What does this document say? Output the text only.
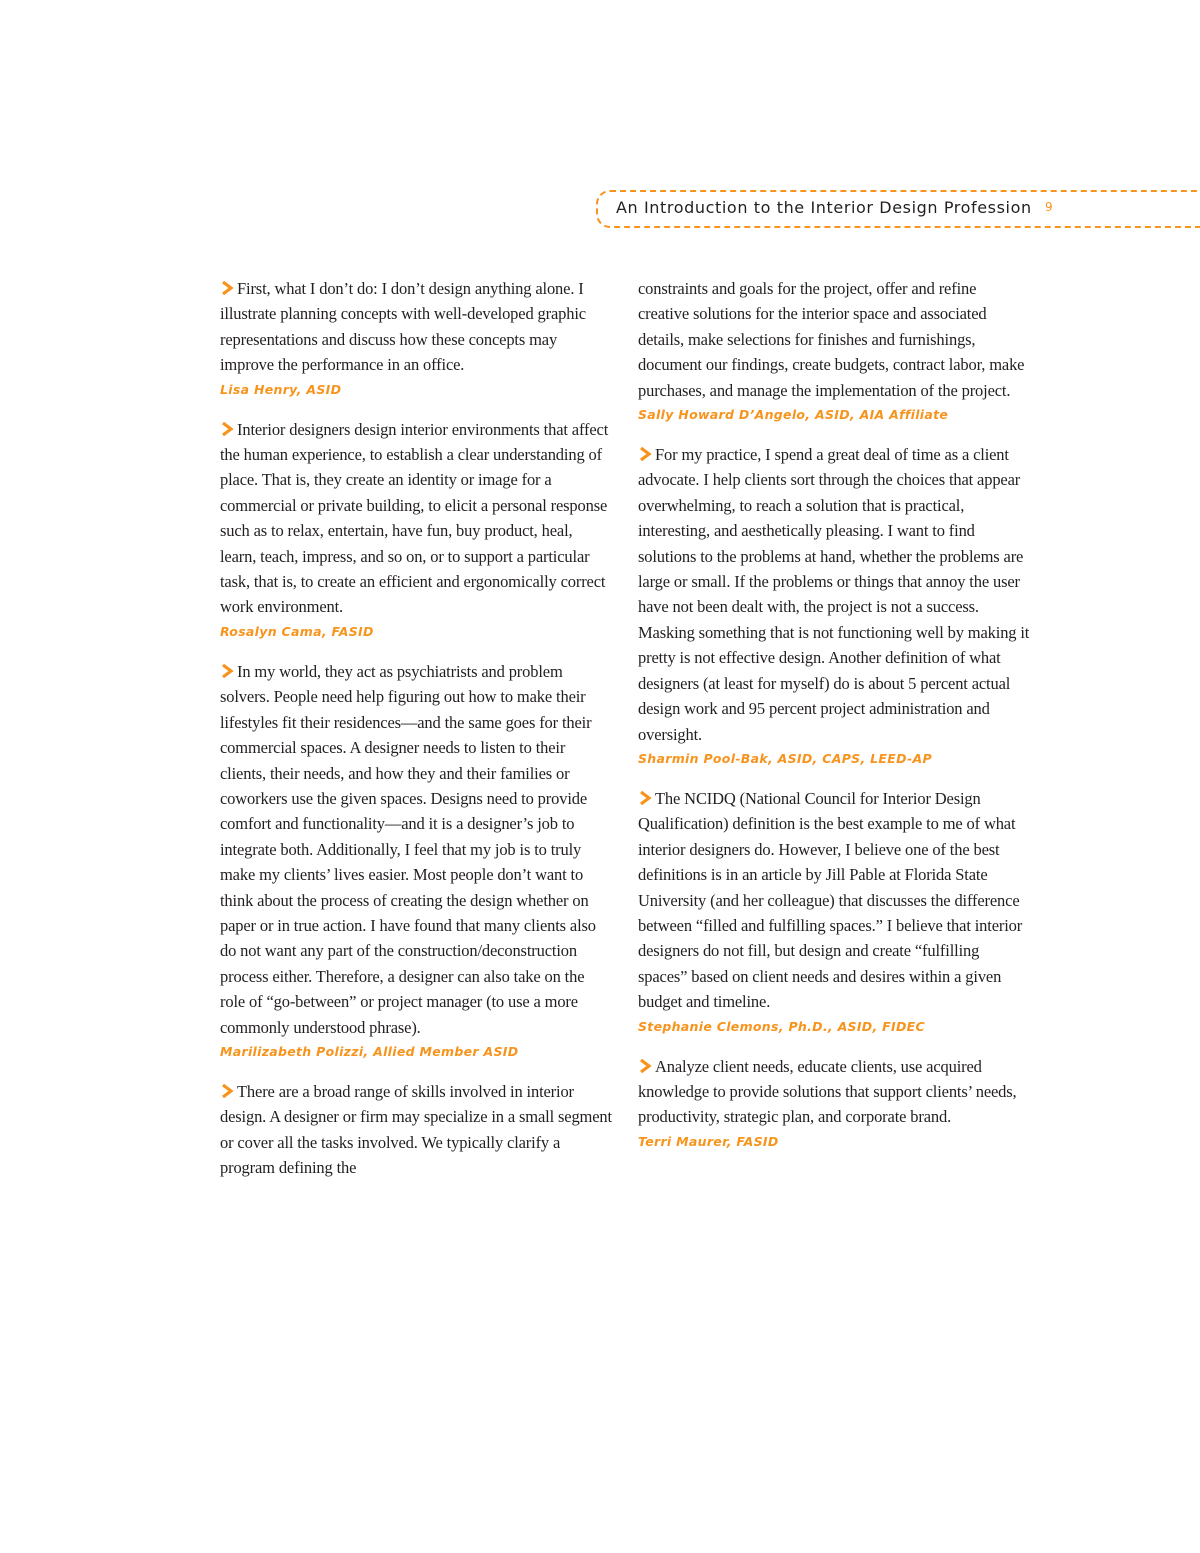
An Introduction to the Interior Design Profession 9

First, what I don’t do: I don’t design anything alone. I illustrate planning concepts with well-developed graphic representations and discuss how these concepts may improve the performance in an office.

Lisa Henry, ASID

Interior designers design interior environments that affect the human experience, to establish a clear understanding of place. That is, they create an identity or image for a commercial or private building, to elicit a personal response such as to relax, entertain, have fun, buy product, heal, learn, teach, impress, and so on, or to support a particular task, that is, to create an efficient and ergonomically correct work environment.

Rosalyn Cama, FASID

In my world, they act as psychiatrists and problem solvers. People need help figuring out how to make their lifestyles fit their residences—and the same goes for their commercial spaces. A designer needs to listen to their clients, their needs, and how they and their families or coworkers use the given spaces. Designs need to provide comfort and functionality—and it is a designer’s job to integrate both. Additionally, I feel that my job is to truly make my clients’ lives easier. Most people don’t want to think about the process of creating the design whether on paper or in true action. I have found that many clients also do not want any part of the construction/deconstruction process either. Therefore, a designer can also take on the role of “go-between” or project manager (to use a more commonly understood phrase).

Marilizabeth Polizzi, Allied Member ASID

There are a broad range of skills involved in interior design. A designer or firm may specialize in a small segment or cover all the tasks involved. We typically clarify a program defining the

constraints and goals for the project, offer and refine creative solutions for the interior space and associated details, make selections for finishes and furnishings, document our findings, create budgets, contract labor, make purchases, and manage the implementation of the project.

Sally Howard D’Angelo, ASID, AIA Affiliate

For my practice, I spend a great deal of time as a client advocate. I help clients sort through the choices that appear overwhelming, to reach a solution that is practical, interesting, and aesthetically pleasing. I want to find solutions to the problems at hand, whether the problems are large or small. If the problems or things that annoy the user have not been dealt with, the project is not a success. Masking something that is not functioning well by making it pretty is not effective design. Another definition of what designers (at least for myself) do is about 5 percent actual design work and 95 percent project administration and oversight.

Sharmin Pool-Bak, ASID, CAPS, LEED-AP

The NCIDQ (National Council for Interior Design Qualification) definition is the best example to me of what interior designers do. However, I believe one of the best definitions is in an article by Jill Pable at Florida State University (and her colleague) that discusses the difference between “filled and fulfilling spaces.” I believe that interior designers do not fill, but design and create “fulfilling spaces” based on client needs and desires within a given budget and timeline.

Stephanie Clemons, Ph.D., ASID, FIDEC

Analyze client needs, educate clients, use acquired knowledge to provide solutions that support clients’ needs, productivity, strategic plan, and corporate brand.

Terri Maurer, FASID
